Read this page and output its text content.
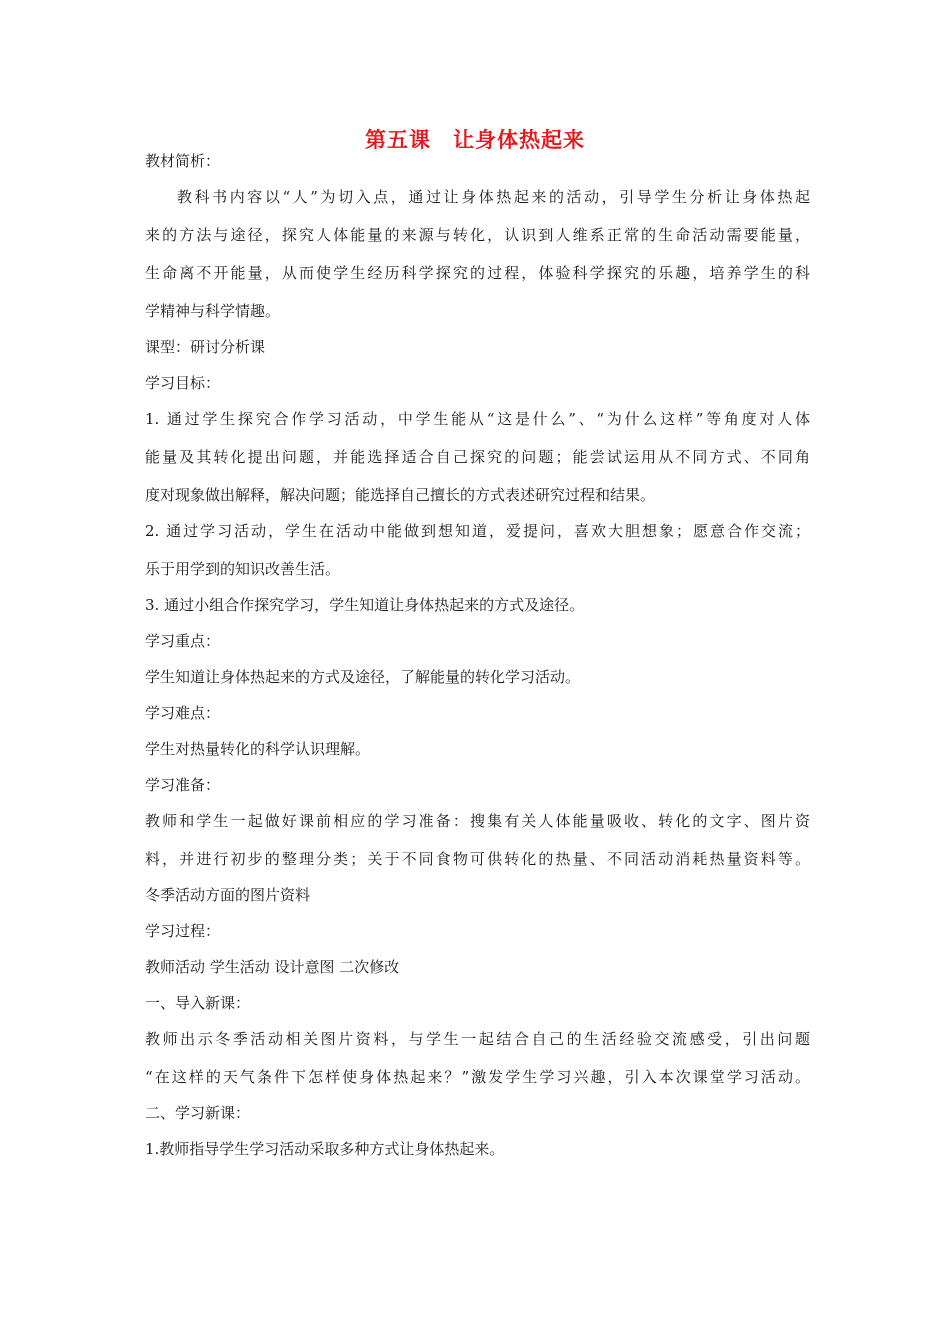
第五课　让身体热起来
教材简析：
教科书内容以“人”为切入点，通过让身体热起来的活动，引导学生分析让身体热起
来的方法与途径，探究人体能量的来源与转化，认识到人维系正常的生命活动需要能量，
生命离不开能量，从而使学生经历科学探究的过程，体验科学探究的乐趣，培养学生的科
学精神与科学情趣。
课型：研讨分析课
学习目标：
1. 通过学生探究合作学习活动，中学生能从“这是什么”、“为什么这样”等角度对人体
能量及其转化提出问题，并能选择适合自己探究的问题；能尝试运用从不同方式、不同角
度对现象做出解释，解决问题；能选择自己擅长的方式表述研究过程和结果。
2. 通过学习活动，学生在活动中能做到想知道，爱提问，喜欢大胆想象；愿意合作交流；
乐于用学到的知识改善生活。
3. 通过小组合作探究学习，学生知道让身体热起来的方式及途径。
学习重点：
学生知道让身体热起来的方式及途径，了解能量的转化学习活动。
学习难点：
学生对热量转化的科学认识理解。
学习准备：
教师和学生一起做好课前相应的学习准备：搜集有关人体能量吸收、转化的文字、图片资
料，并进行初步的整理分类；关于不同食物可供转化的热量、不同活动消耗热量资料等。
冬季活动方面的图片资料
学习过程：
教师活动 学生活动 设计意图 二次修改
一、导入新课：
教师出示冬季活动相关图片资料，与学生一起结合自己的生活经验交流感受，引出问题
“在这样的天气条件下怎样使身体热起来？”激发学生学习兴趣，引入本次课堂学习活动。
二、学习新课：
1.教师指导学生学习活动采取多种方式让身体热起来。
